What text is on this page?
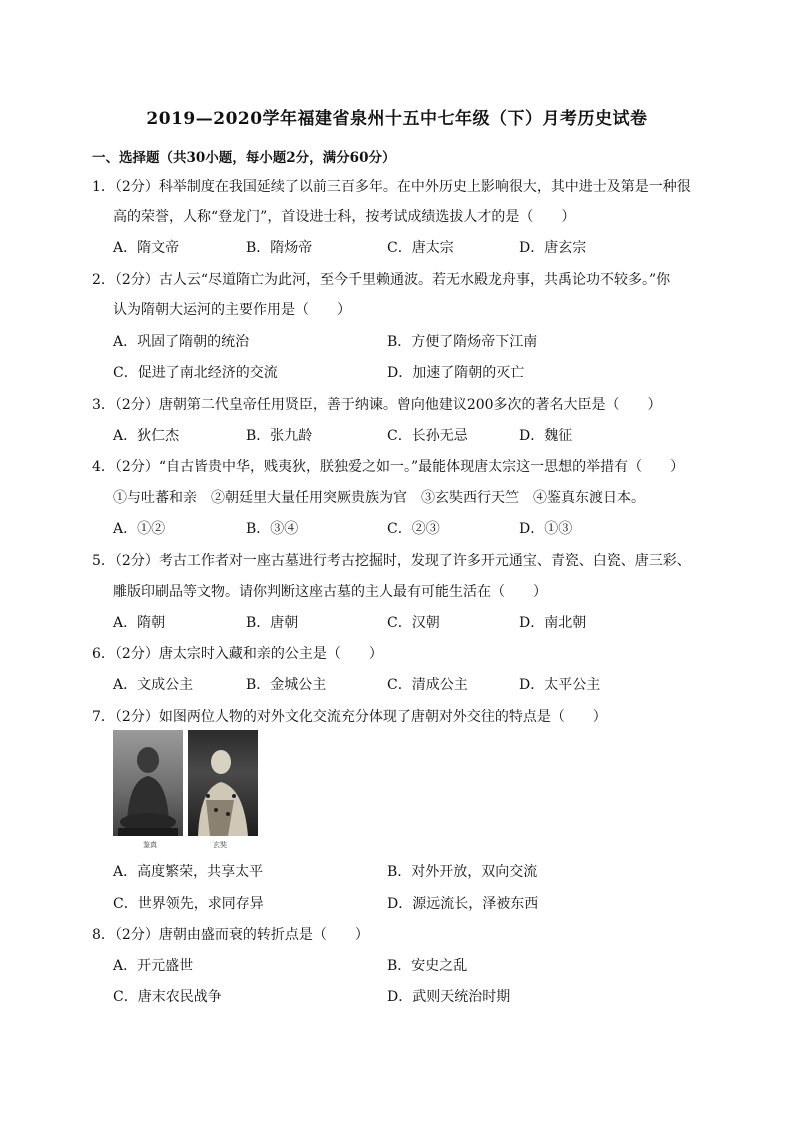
2019—2020学年福建省泉州十五中七年级（下）月考历史试卷
一、选择题（共30小题，每小题2分，满分60分）
1．（2分）科举制度在我国延续了以前三百多年。在中外历史上影响很大，其中进士及第是一种很
高的荣誉，人称“登龙门”，首设进士科，按考试成绩选拔人才的是（　　）
A．隋文帝	B．隋炀帝	C．唐太宗	D．唐玄宗
2．（2分）古人云“尽道隋亡为此河，至今千里赖通波。若无水殿龙舟事，共禹论功不较多。”你
认为隋朝大运河的主要作用是（　　）
A．巩固了隋朝的统治	B．方便了隋炀帝下江南
C．促进了南北经济的交流	D．加速了隋朝的灭亡
3．（2分）唐朝第二代皇帝任用贤臣，善于纳谏。曾向他建议200多次的著名大臣是（　　）
A．狄仁杰	B．张九龄	C．长孙无忌	D．魏征
4．（2分）“自古皆贵中华，贱夷狄，朕独爱之如一。”最能体现唐太宗这一思想的举措有（　　）
①与吐蕃和亲　②朝廷里大量任用突厥贵族为官　③玄奘西行天竺　④鉴真东渡日本。
A．①②	B．③④	C．②③	D．①③
5．（2分）考古工作者对一座古墓进行考古挖掘时，发现了许多开元通宝、青瓷、白瓷、唐三彩、
雕版印刷品等文物。请你判断这座古墓的主人最有可能生活在（　　）
A．隋朝	B．唐朝	C．汉朝	D．南北朝
6．（2分）唐太宗时入藏和亲的公主是（　　）
A．文成公主	B．金城公主	C．清成公主	D．太平公主
7．（2分）如图两位人物的对外文化交流充分体现了唐朝对外交往的特点是（　　）
鉴真	玄奘
A．高度繁荣，共享太平	B．对外开放，双向交流
C．世界领先，求同存异	D．源远流长，泽被东西
8．（2分）唐朝由盛而衰的转折点是（　　）
A．开元盛世	B．安史之乱
C．唐末农民战争	D．武则天统治时期
